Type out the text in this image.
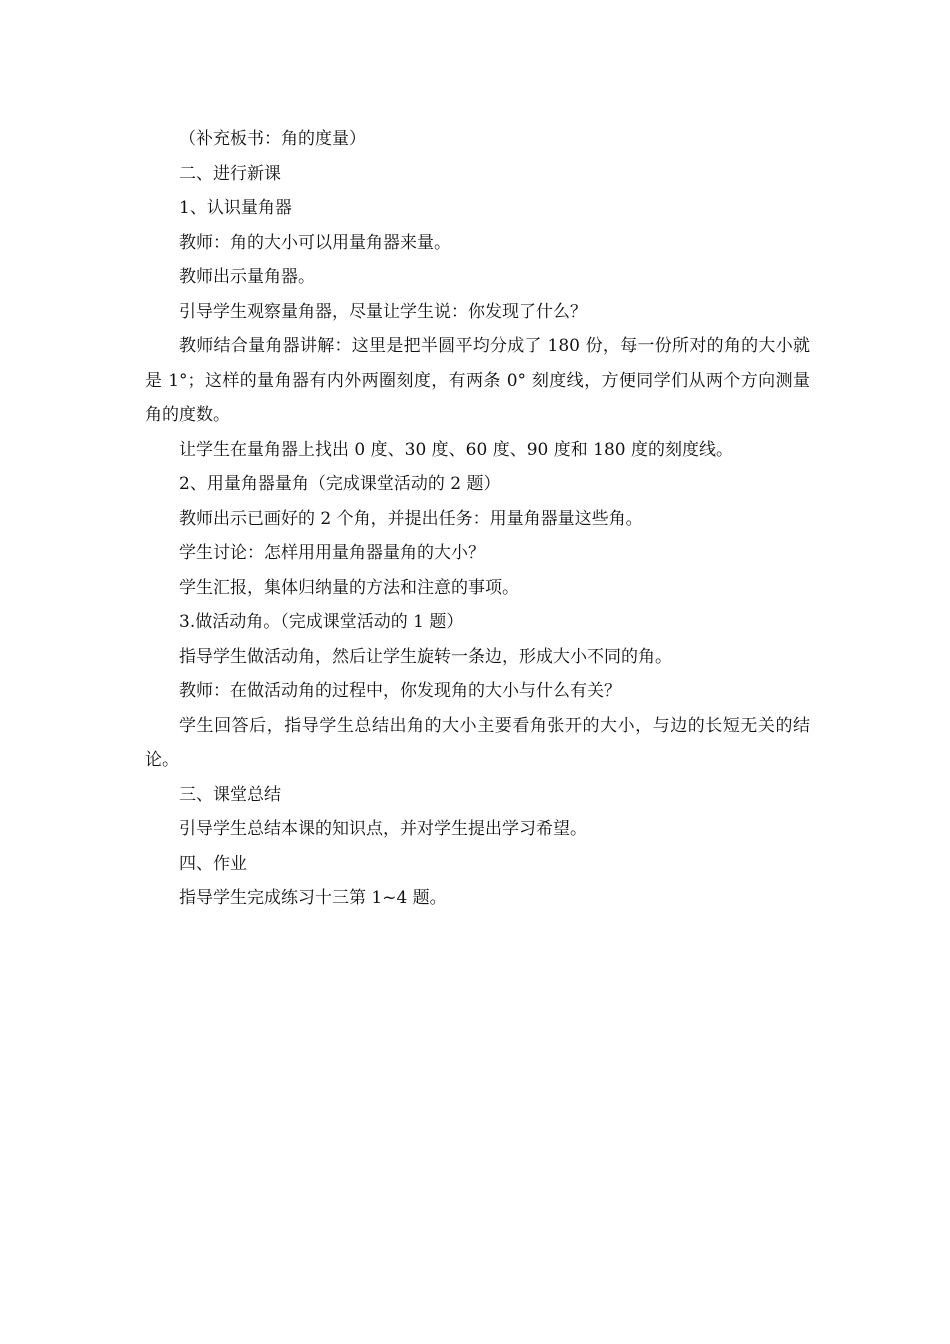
（补充板书：角的度量）

二、进行新课

1、认识量角器

教师：角的大小可以用量角器来量。

教师出示量角器。

引导学生观察量角器，尽量让学生说：你发现了什么？

教师结合量角器讲解：这里是把半圆平均分成了 180 份，每一份所对的角的大小就是 1°；这样的量角器有内外两圈刻度，有两条 0° 刻度线，方便同学们从两个方向测量角的度数。

让学生在量角器上找出 0 度、30 度、60 度、90 度和 180 度的刻度线。

2、用量角器量角（完成课堂活动的 2 题）

教师出示已画好的 2 个角，并提出任务：用量角器量这些角。

学生讨论：怎样用用量角器量角的大小？

学生汇报，集体归纳量的方法和注意的事项。

3.做活动角。（完成课堂活动的 1 题）

指导学生做活动角，然后让学生旋转一条边，形成大小不同的角。

教师：在做活动角的过程中，你发现角的大小与什么有关？

学生回答后，指导学生总结出角的大小主要看角张开的大小，与边的长短无关的结论。

三、课堂总结

引导学生总结本课的知识点，并对学生提出学习希望。

四、作业

指导学生完成练习十三第 1~4 题。
